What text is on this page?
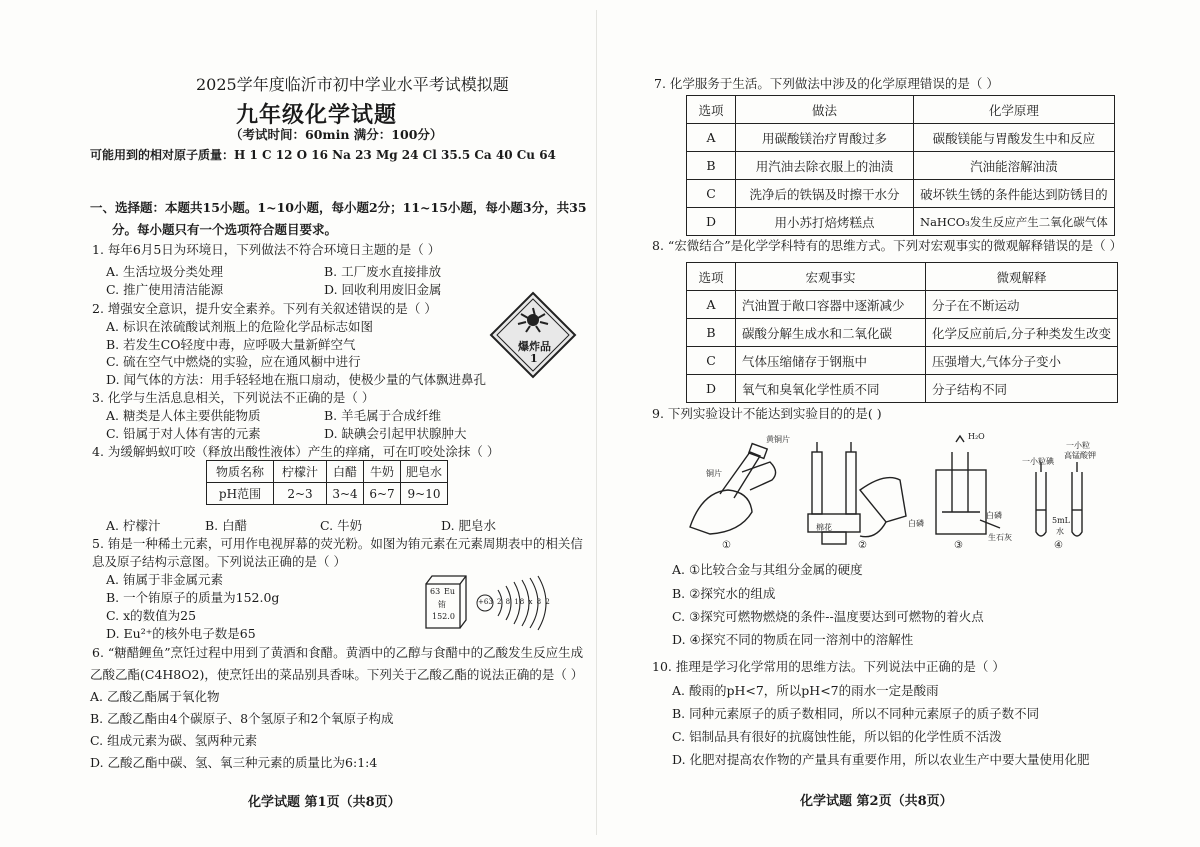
2025学年度临沂市初中学业水平考试模拟题
九年级化学试题
（考试时间：60min 满分：100分）
可能用到的相对原子质量：H 1 C 12 O 16 Na 23 Mg 24 Cl 35.5 Ca 40 Cu 64
一、选择题：本题共15小题。1~10小题，每小题2分；11~15小题，每小题3分，共35
分。每小题只有一个选项符合题目要求。
1. 每年6月5日为环境日，下列做法不符合环境日主题的是（ ）
A. 生活垃圾分类处理	B. 工厂废水直接排放
C. 推广使用清洁能源	D. 回收利用废旧金属
2. 增强安全意识，提升安全素养。下列有关叙述错误的是（ ）
A. 标识在浓硫酸试剂瓶上的危险化学品标志如图
B. 若发生CO轻度中毒，应呼吸大量新鲜空气
C. 硫在空气中燃烧的实验，应在通风橱中进行
D. 闻气体的方法：用手轻轻地在瓶口扇动，使极少量的气体飘进鼻孔
爆炸品
1
3. 化学与生活息息相关，下列说法不正确的是（ ）
A. 糖类是人体主要供能物质	B. 羊毛属于合成纤维
C. 铅属于对人体有害的元素	D. 缺碘会引起甲状腺肿大
4. 为缓解蚂蚁叮咬（释放出酸性液体）产生的痒痛，可在叮咬处涂抹（ ）
物质名称	柠檬汁	白醋	牛奶	肥皂水
pH范围	2~3	3~4	6~7	9~10
A. 柠檬汁	B. 白醋	C. 牛奶	D. 肥皂水
5. 铕是一种稀土元素，可用作电视屏幕的荧光粉。如图为铕元素在元素周期表中的相关信
息及原子结构示意图。下列说法正确的是（ ）
A. 铕属于非金属元素
B. 一个铕原子的质量为152.0g
C. x的数值为25
D. Eu²⁺的核外电子数是65
63 Eu
铕
152.0
+63 2 8 18 x 8 2
6. “糖醋鲤鱼”烹饪过程中用到了黄酒和食醋。黄酒中的乙醇与食醋中的乙酸发生反应生成
乙酸乙酯(C4H8O2)，使烹饪出的菜品别具香味。下列关于乙酸乙酯的说法正确的是（ ）
A. 乙酸乙酯属于氧化物
B. 乙酸乙酯由4个碳原子、8个氢原子和2个氧原子构成
C. 组成元素为碳、氢两种元素
D. 乙酸乙酯中碳、氢、氧三种元素的质量比为6:1:4
化学试题 第1页（共8页）
7. 化学服务于生活。下列做法中涉及的化学原理错误的是（ ）
选项	做法	化学原理
A	用碳酸镁治疗胃酸过多	碳酸镁能与胃酸发生中和反应
B	用汽油去除衣服上的油渍	汽油能溶解油渍
C	洗净后的铁锅及时擦干水分	破坏铁生锈的条件能达到防锈目的
D	用小苏打焙烤糕点	NaHCO₃发生反应产生二氧化碳气体
8. “宏微结合”是化学学科特有的思维方式。下列对宏观事实的微观解释错误的是（ ）
选项	宏观事实	微观解释
A	汽油置于敞口容器中逐渐减少	分子在不断运动
B	碳酸分解生成水和二氧化碳	化学反应前后,分子种类发生改变
C	气体压缩储存于钢瓶中	压强增大,气体分子变小
D	氧气和臭氧化学性质不同	分子结构不同
9. 下列实验设计不能达到实验目的的是( )
黄铜片
铜片
棉花	白磷
白磷
生石灰
H₂O
一小粒碘
一小粒
高锰酸钾
5mL
水
①	②	③	④
A. ①比较合金与其组分金属的硬度
B. ②探究水的组成
C. ③探究可燃物燃烧的条件--温度要达到可燃物的着火点
D. ④探究不同的物质在同一溶剂中的溶解性
10. 推理是学习化学常用的思维方法。下列说法中正确的是（ ）
A. 酸雨的pH<7，所以pH<7的雨水一定是酸雨
B. 同种元素原子的质子数相同，所以不同种元素原子的质子数不同
C. 铝制品具有很好的抗腐蚀性能，所以铝的化学性质不活泼
D. 化肥对提高农作物的产量具有重要作用，所以农业生产中要大量使用化肥
化学试题 第2页（共8页）
